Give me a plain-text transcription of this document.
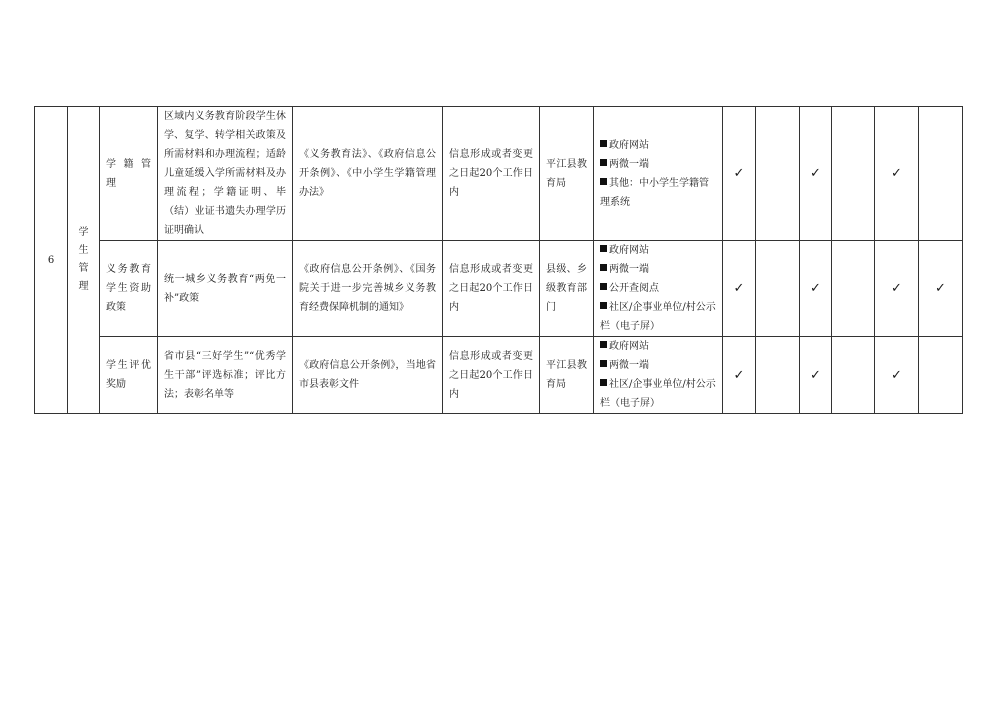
6	学
生
管
理	学 籍 管 理	区域内义务教育阶段学生休学、复学、转学相关政策及所需材料和办理流程；适龄儿童延缓入学所需材料及办理流程；学籍证明、毕（结）业证书遗失办理学历证明确认	《义务教育法》、《政府信息公开条例》、《中小学生学籍管理办法》	信息形成或者变更之日起20个工作日内	平江县教育局	政府网站
两微一端
其他：中小学生学籍管理系统	✓		✓		✓	

		义务教育学生资助政策	统一城乡义务教育“两免一补”政策	《政府信息公开条例》、《国务院关于进一步完善城乡义务教育经费保障机制的通知》	信息形成或者变更之日起20个工作日内	县级、乡级教育部门	政府网站
两微一端
公开查阅点
社区/企事业单位/村公示栏（电子屏）	✓		✓		✓	✓

		学生评优奖励	省市县“三好学生”“优秀学生干部”评选标准；评比方法；表彰名单等	《政府信息公开条例》，当地省市县表彰文件	信息形成或者变更之日起20个工作日内	平江县教育局	政府网站
两微一端
社区/企事业单位/村公示栏（电子屏）	✓		✓		✓	
